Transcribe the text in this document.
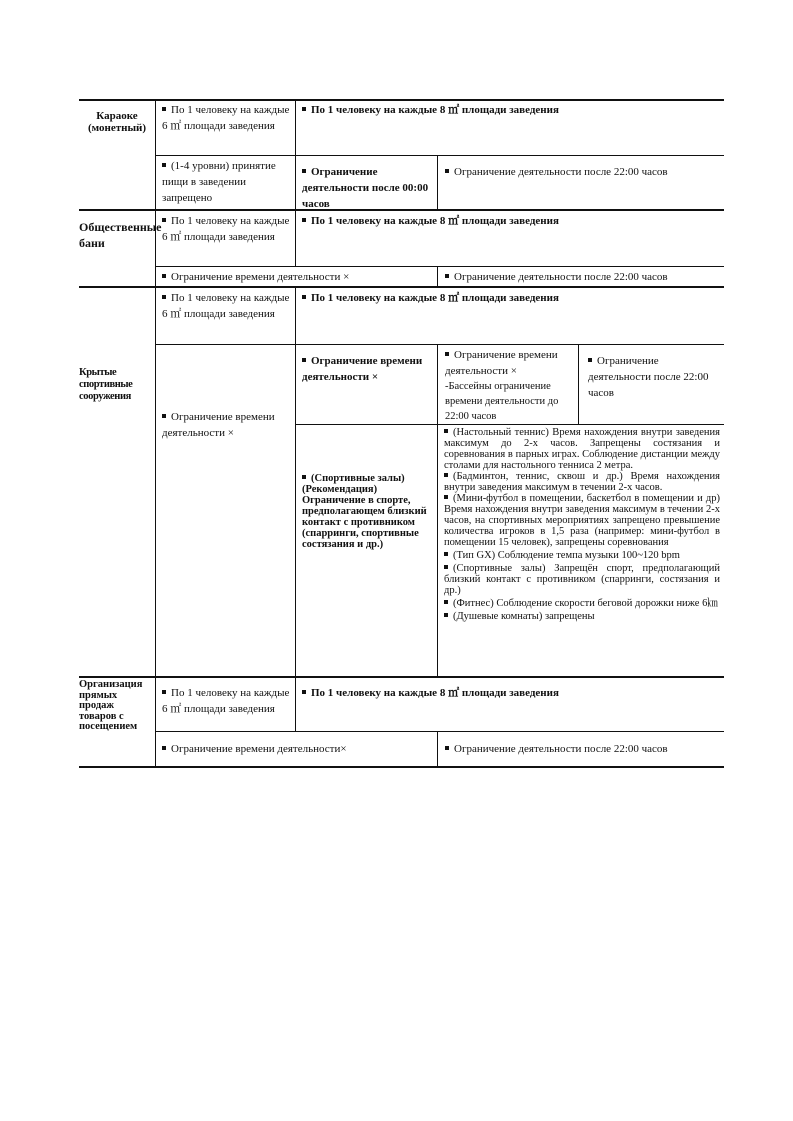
Караоке (монетный)
По 1 человеку на каждые 6 ㎡ площади заведения
По 1 человеку на каждые 8 ㎡ площади заведения
(1-4 уровни) принятие пищи в заведении запрещено
Ограничение деятельности после 00:00 часов
Ограничение деятельности после 22:00 часов
Общественные бани
По 1 человеку на каждые 6 ㎡ площади заведения
По 1 человеку на каждые 8 ㎡ площади заведения
Ограничение времени деятельности ×	Ограничение деятельности после 22:00 часов
Крытые спортивные сооружения
По 1 человеку на каждые 6 ㎡ площади заведения
По 1 человеку на каждые 8 ㎡ площади заведения
Ограничение времени деятельности ×
Ограничение времени деятельности ×
Ограничение времени деятельности ×
-Бассейны ограничение времени деятельности до 22:00 часов
Ограничение деятельности после 22:00 часов
(Спортивные залы) (Рекомендация) Ограничение в спорте, предполагающем близкий контакт с противником (спарринги, спортивные состязания и др.)
(Настольный теннис) Время нахождения внутри заведения максимум до 2-х часов. Запрещены состязания и соревнования в парных играх. Соблюдение дистанции между столами для настольного тенниса 2 метра.
(Бадминтон, теннис, сквош и др.) Время нахождения внутри заведения максимум в течении 2-х часов.
(Мини-футбол в помещении, баскетбол в помещении и др) Время нахождения внутри заведения максимум в течении 2-х часов, на спортивных мероприятиях запрещено превышение количества игроков в 1,5 раза (например: мини-футбол в помещении 15 человек), запрещены соревнования
(Тип GX) Соблюдение темпа музыки 100~120 bpm
(Спортивные залы) Запрещён спорт, предполагающий близкий контакт с противником (спарринги, состязания и др.)
(Фитнес) Соблюдение скорости беговой дорожки ниже 6㎞
(Душевые комнаты) запрещены
Организация прямых продаж товаров с посещением
По 1 человеку на каждые 6 ㎡ площади заведения
По 1 человеку на каждые 8 ㎡ площади заведения
Ограничение времени деятельности×	Ограничение деятельности после 22:00 часов
